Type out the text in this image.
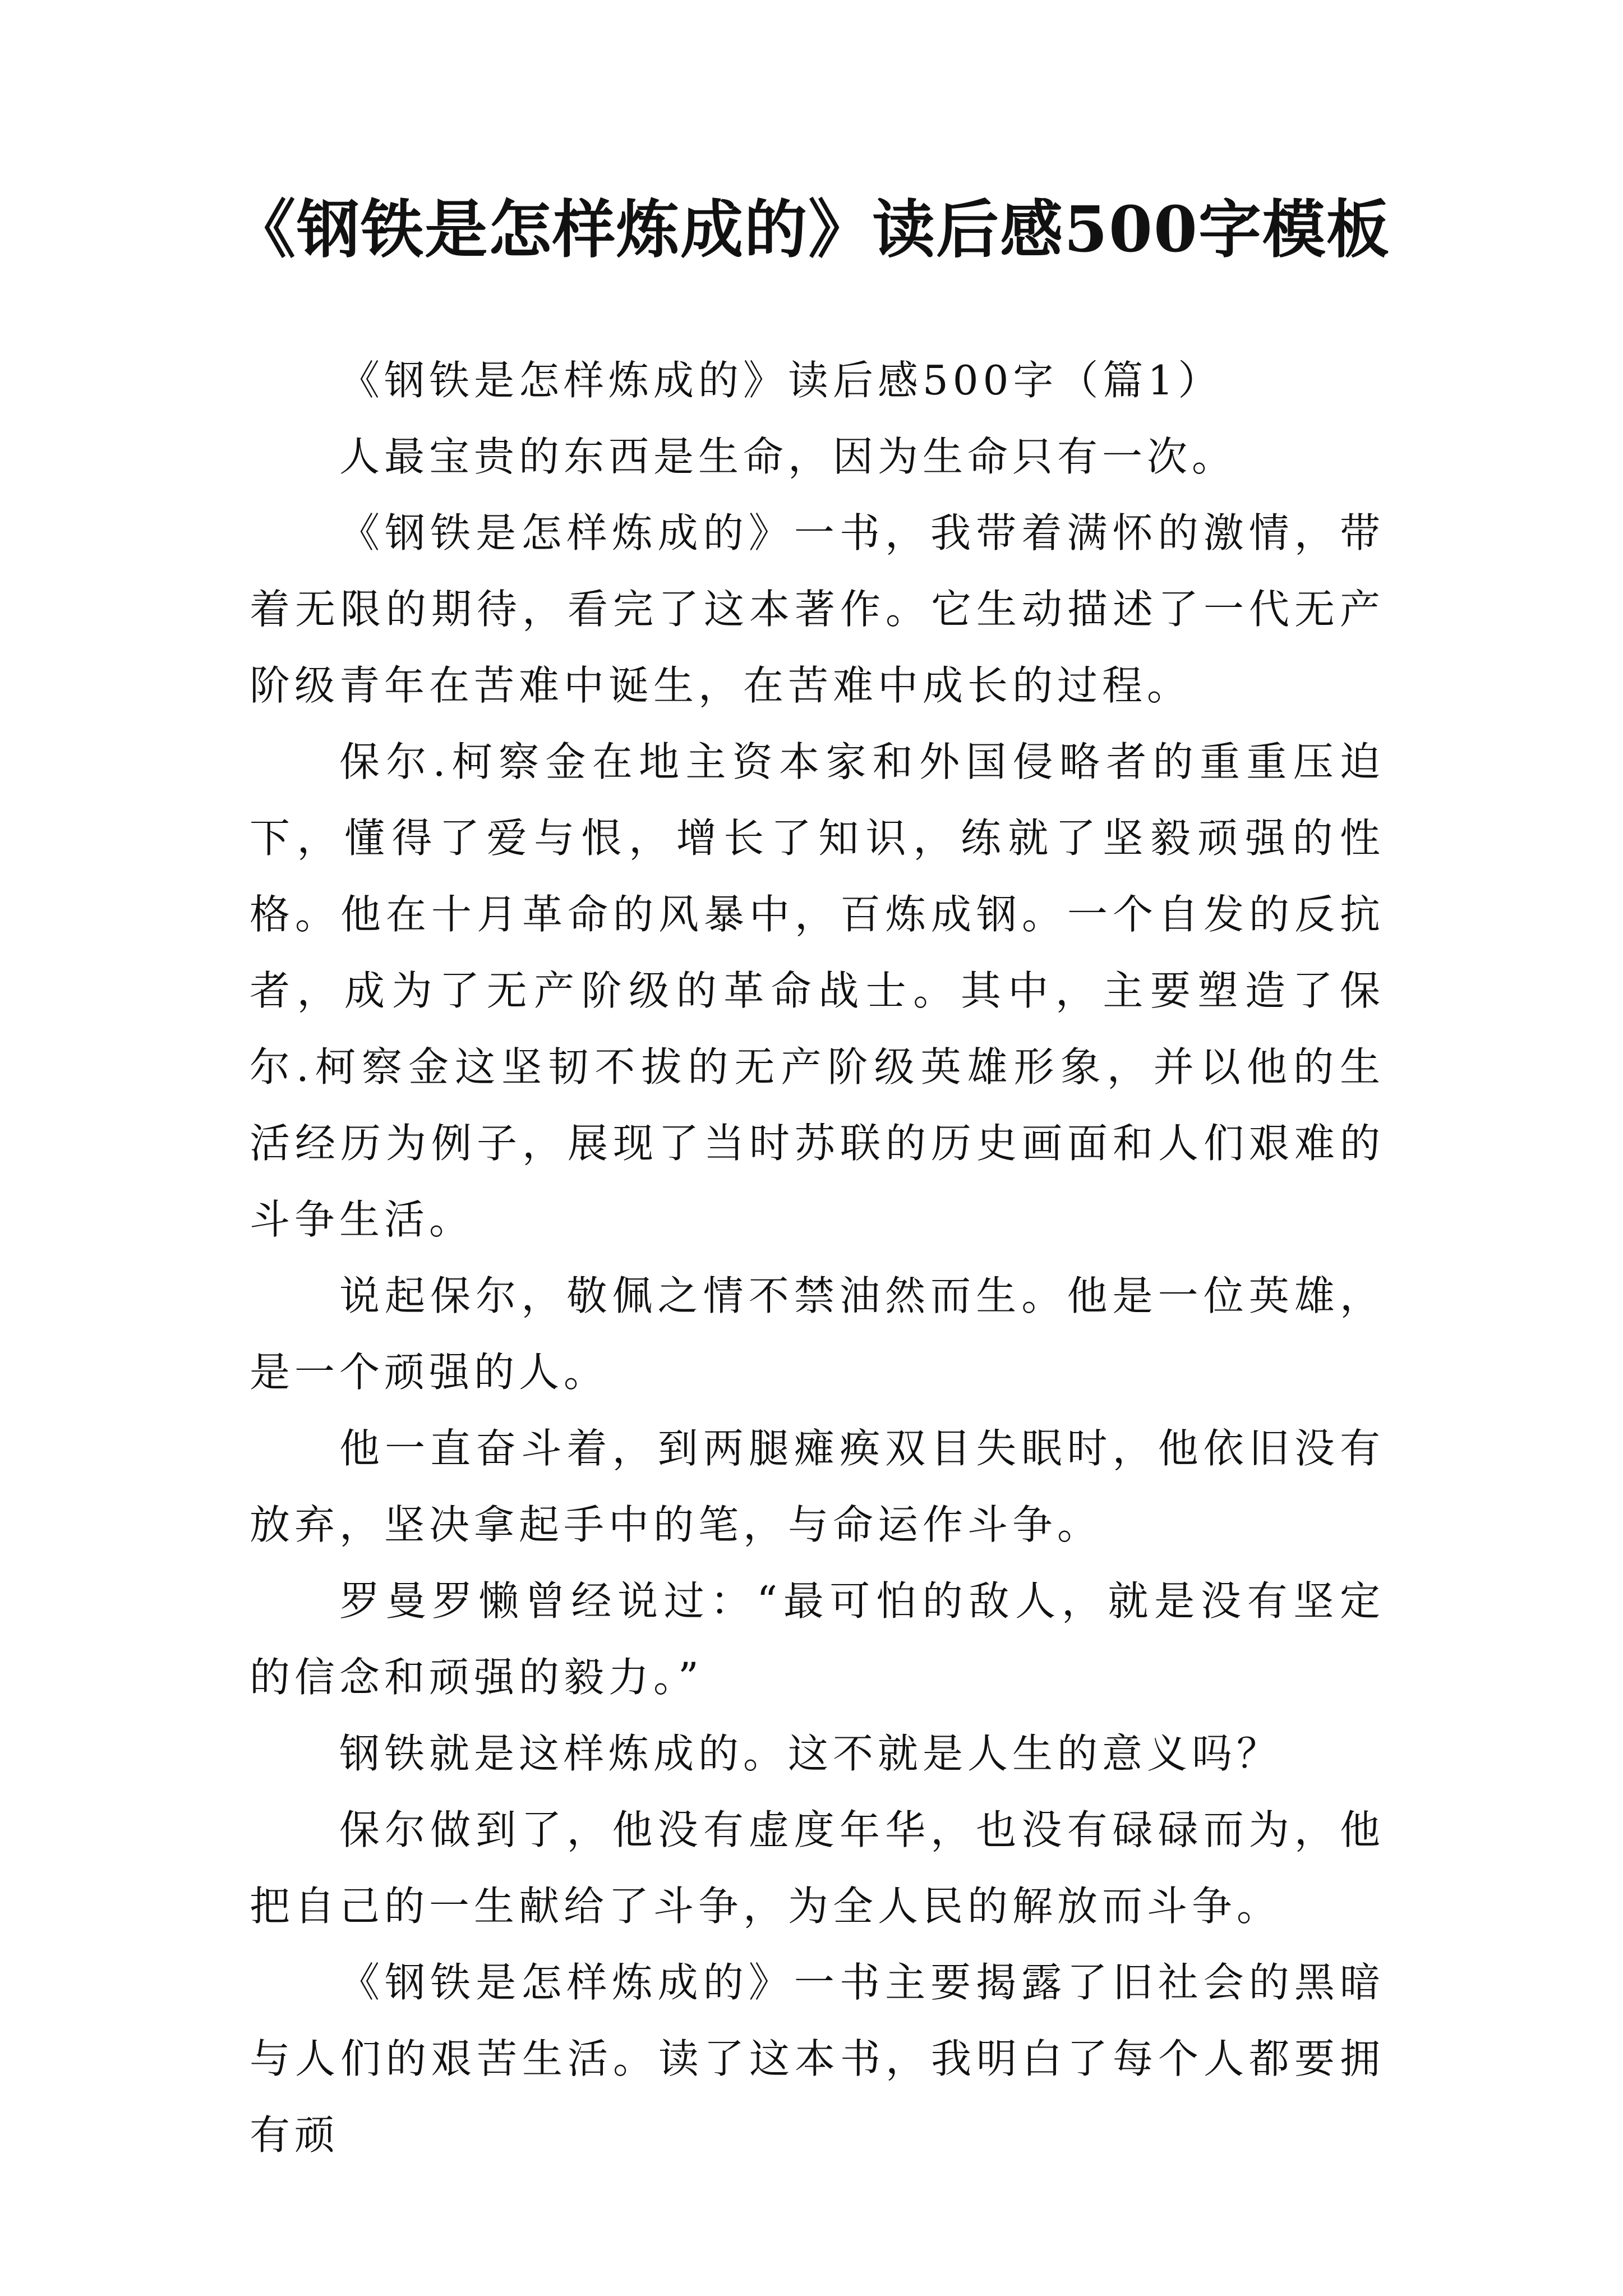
《钢铁是怎样炼成的》读后感500字模板

《钢铁是怎样炼成的》读后感500字（篇1）

人最宝贵的东西是生命，因为生命只有一次。

《钢铁是怎样炼成的》一书，我带着满怀的激情，带着无限的期待，看完了这本著作。它生动描述了一代无产阶级青年在苦难中诞生，在苦难中成长的过程。

保尔.柯察金在地主资本家和外国侵略者的重重压迫下，懂得了爱与恨，增长了知识，练就了坚毅顽强的性格。他在十月革命的风暴中，百炼成钢。一个自发的反抗者，成为了无产阶级的革命战士。其中，主要塑造了保尔.柯察金这坚韧不拔的无产阶级英雄形象，并以他的生活经历为例子，展现了当时苏联的历史画面和人们艰难的斗争生活。

说起保尔，敬佩之情不禁油然而生。他是一位英雄，是一个顽强的人。

他一直奋斗着，到两腿瘫痪双目失眠时，他依旧没有放弃，坚决拿起手中的笔，与命运作斗争。

罗曼罗懒曾经说过：“最可怕的敌人，就是没有坚定的信念和顽强的毅力。”

钢铁就是这样炼成的。这不就是人生的意义吗？

保尔做到了，他没有虚度年华，也没有碌碌而为，他把自己的一生献给了斗争，为全人民的解放而斗争。

《钢铁是怎样炼成的》一书主要揭露了旧社会的黑暗与人们的艰苦生活。读了这本书，我明白了每个人都要拥有顽
